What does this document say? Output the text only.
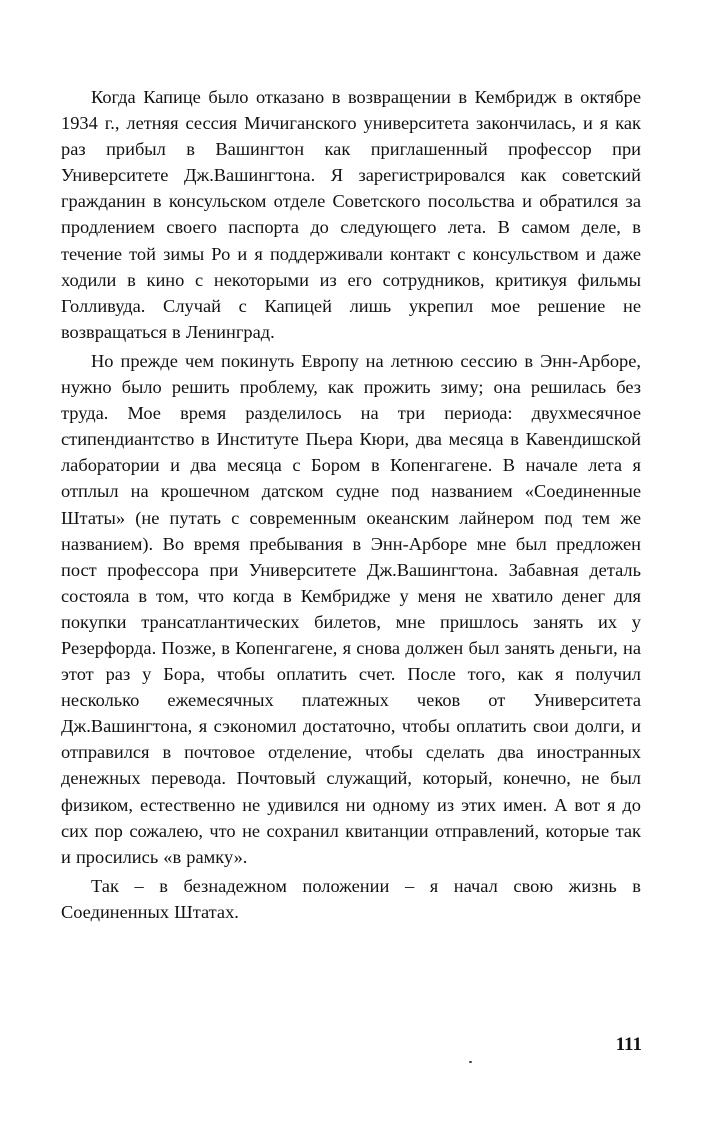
Когда Капице было отказано в возвращении в Кембридж в октябре 1934 г., летняя сессия Мичиганского университета закончилась, и я как раз прибыл в Вашингтон как приглашенный профессор при Университете Дж.Вашингтона. Я зарегистрировался как советский гражданин в консульском отделе Советского посольства и обратился за продлением своего паспорта до следующего лета. В самом деле, в течение той зимы Ро и я поддерживали контакт с консульством и даже ходили в кино с некоторыми из его сотрудников, критикуя фильмы Голливуда. Случай с Капицей лишь укрепил мое решение не возвращаться в Ленинград.

Но прежде чем покинуть Европу на летнюю сессию в Энн-Арборе, нужно было решить проблему, как прожить зиму; она решилась без труда. Мое время разделилось на три периода: двухмесячное стипендиантство в Институте Пьера Кюри, два месяца в Кавендишской лаборатории и два месяца с Бором в Копенгагене. В начале лета я отплыл на крошечном датском судне под названием «Соединенные Штаты» (не путать с современным океанским лайнером под тем же названием). Во время пребывания в Энн-Арборе мне был предложен пост профессора при Университете Дж.Вашингтона. Забавная деталь состояла в том, что когда в Кембридже у меня не хватило денег для покупки трансатлантических билетов, мне пришлось занять их у Резерфорда. Позже, в Копенгагене, я снова должен был занять деньги, на этот раз у Бора, чтобы оплатить счет. После того, как я получил несколько ежемесячных платежных чеков от Университета Дж.Вашингтона, я сэкономил достаточно, чтобы оплатить свои долги, и отправился в почтовое отделение, чтобы сделать два иностранных денежных перевода. Почтовый служащий, который, конечно, не был физиком, естественно не удивился ни одному из этих имен. А вот я до сих пор сожалею, что не сохранил квитанции отправлений, которые так и просились «в рамку».

Так – в безнадежном положении – я начал свою жизнь в Соединенных Штатах.

111
